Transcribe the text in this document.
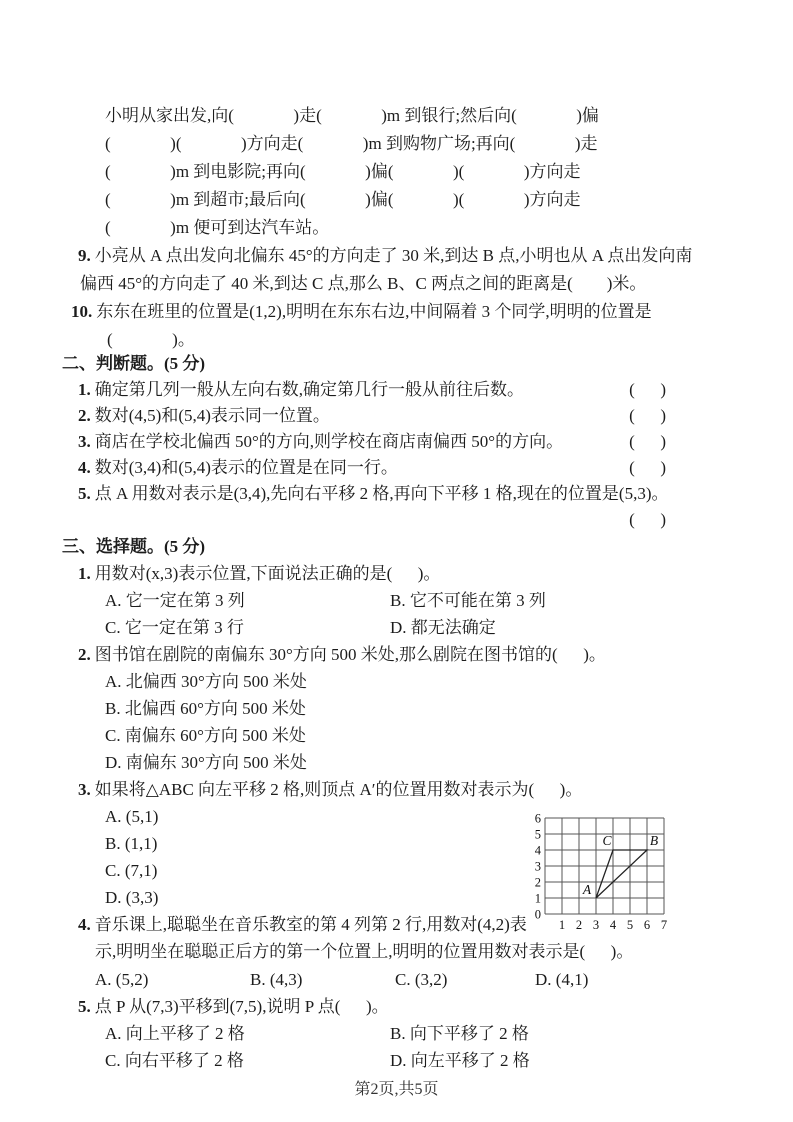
小明从家出发,向(              )走(              )m 到银行;然后向(              )偏
(              )(              )方向走(              )m 到购物广场;再向(              )走
(              )m 到电影院;再向(              )偏(              )(              )方向走
(              )m 到超市;最后向(              )偏(              )(              )方向走
(              )m 便可到达汽车站。
9. 小亮从 A 点出发向北偏东 45°的方向走了 30 米,到达 B 点,小明也从 A 点出发向南
偏西 45°的方向走了 40 米,到达 C 点,那么 B、C 两点之间的距离是(        )米。
10. 东东在班里的位置是(1,2),明明在东东右边,中间隔着 3 个同学,明明的位置是
(              )。
二、判断题。(5 分)
1. 确定第几列一般从左向右数,确定第几行一般从前往后数。	(      )
2. 数对(4,5)和(5,4)表示同一位置。	(      )
3. 商店在学校北偏西 50°的方向,则学校在商店南偏西 50°的方向。	(      )
4. 数对(3,4)和(5,4)表示的位置是在同一行。	(      )
5. 点 A 用数对表示是(3,4),先向右平移 2 格,再向下平移 1 格,现在的位置是(5,3)。
(      )
三、选择题。(5 分)
1. 用数对(x,3)表示位置,下面说法正确的是(      )。
A. 它一定在第 3 列	B. 它不可能在第 3 列
C. 它一定在第 3 行	D. 都无法确定
2. 图书馆在剧院的南偏东 30°方向 500 米处,那么剧院在图书馆的(      )。
A. 北偏西 30°方向 500 米处
B. 北偏西 60°方向 500 米处
C. 南偏东 60°方向 500 米处
D. 南偏东 30°方向 500 米处
3. 如果将△ABC 向左平移 2 格,则顶点 A′的位置用数对表示为(      )。
A. (5,1)
B. (1,1)
C. (7,1)
D. (3,3)
0
1
2
3
4
5
6
1 2 3 4 5 6 7
A
C	B
4. 音乐课上,聪聪坐在音乐教室的第 4 列第 2 行,用数对(4,2)表
示,明明坐在聪聪正后方的第一个位置上,明明的位置用数对表示是(      )。
A. (5,2)	B. (4,3)	C. (3,2)	D. (4,1)
5. 点 P 从(7,3)平移到(7,5),说明 P 点(      )。
A. 向上平移了 2 格	B. 向下平移了 2 格
C. 向右平移了 2 格	D. 向左平移了 2 格
第2页,共5页
